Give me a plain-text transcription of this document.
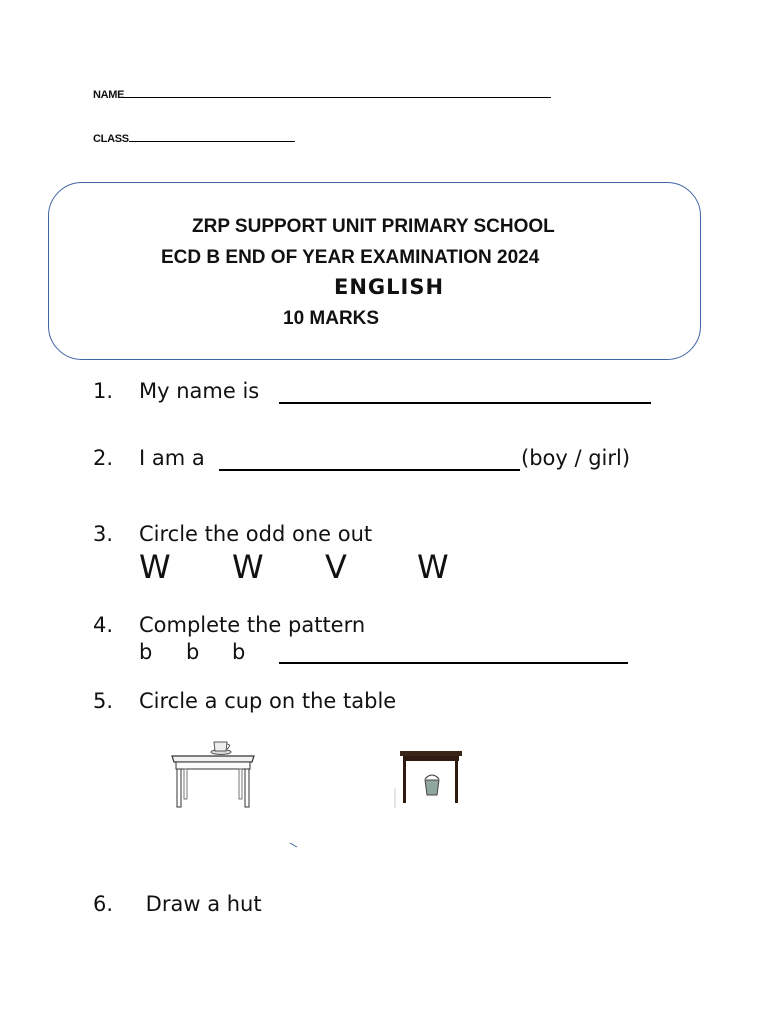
NAME
CLASS
ZRP SUPPORT UNIT PRIMARY SCHOOL
ECD B END OF YEAR EXAMINATION 2024
ENGLISH
10 MARKS
1. My name is
2. I am a	(boy / girl)
3. Circle the odd one out
W W V W
4. Complete the pattern
b b b
5. Circle a cup on the table
6. Draw a hut
